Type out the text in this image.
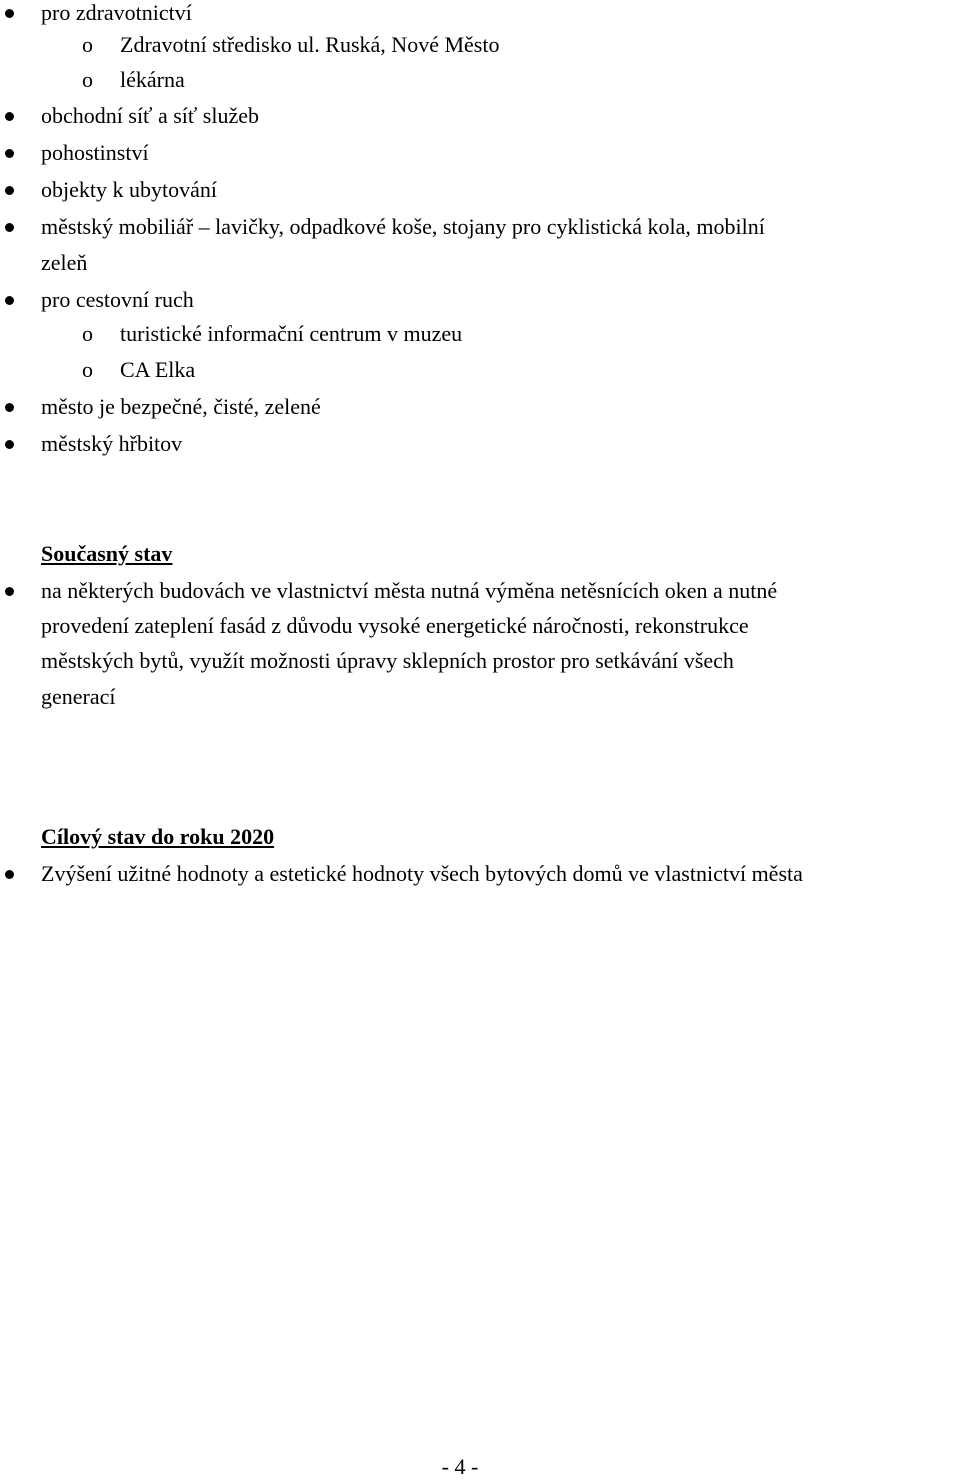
pro zdravotnictví
o Zdravotní středisko ul. Ruská, Nové Město
o lékárna
obchodní síť a síť služeb
pohostinství
objekty k ubytování
městský mobiliář – lavičky, odpadkové koše, stojany pro cyklistická kola, mobilní
zeleň
pro cestovní ruch
o turistické informační centrum v muzeu
o CA Elka
město je bezpečné, čisté, zelené
městský hřbitov
Současný stav
na některých budovách ve vlastnictví města nutná výměna netěsnících oken a nutné
provedení zateplení fasád z důvodu vysoké energetické náročnosti, rekonstrukce
městských bytů, využít možnosti úpravy sklepních prostor pro setkávání všech
generací
Cílový stav do roku 2020
Zvýšení užitné hodnoty a estetické hodnoty všech bytových domů ve vlastnictví města
- 4 -
